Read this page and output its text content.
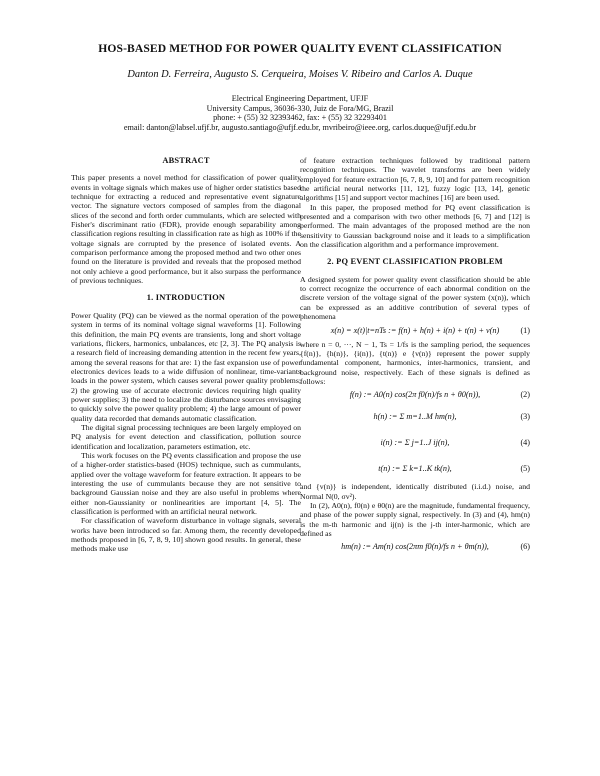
HOS-BASED METHOD FOR POWER QUALITY EVENT CLASSIFICATION
Danton D. Ferreira, Augusto S. Cerqueira, Moises V. Ribeiro and Carlos A. Duque
Electrical Engineering Department, UFJF
University Campus, 36036-330, Juiz de Fora/MG, Brazil
phone: + (55) 32 32393462, fax: + (55) 32 32293401
email: danton@labsel.ufjf.br, augusto.santiago@ufjf.edu.br, mvribeiro@ieee.org, carlos.duque@ufjf.edu.br
ABSTRACT

This paper presents a novel method for classification of power quality events in voltage signals which makes use of higher order statistics based technique for extracting a reduced and representative event signature vector. The signature vectors composed of samples from the diagonal slices of the second and forth order cummulants, which are selected with Fisher's discriminant ratio (FDR), provide enough separability among classification regions resulting in classification rate as high as 100% if the voltage signals are corrupted by the presence of isolated events. A comparison performance among the proposed method and two other ones found on the literature is provided and reveals that the proposed method not only achieve a good performance, but it also surpass the performance of previous techniques.

1. INTRODUCTION

Power Quality (PQ) can be viewed as the normal operation of the power system in terms of its nominal voltage signal waveforms [1]. Following this definition, the main PQ events are transients, long and short voltage variations, flickers, harmonics, unbalances, etc [2, 3]. The PQ analysis is a research field of increasing demanding attention in the recent few years, among the several reasons for that are: 1) the fast expansion use of power electronics devices leads to a wide diffusion of nonlinear, time-variants loads in the power system, which causes several power quality problems; 2) the growing use of accurate electronic devices requiring high quality power supplies; 3) the need to localize the disturbance sources envisaging to quickly solve the power quality problem; 4) the large amount of power quality data recorded that demands automatic classification.

The digital signal processing techniques are been largely employed on PQ analysis for event detection and classification, pollution source identification and localization, parameters estimation, etc.

This work focuses on the PQ events classification and propose the use of a higher-order statistics-based (HOS) technique, such as cummulants, applied over the voltage waveform for feature extraction. It appears to be interesting the use of cummulants because they are not sensitive to background Gaussian noise and they are also useful in problems where either non-Gaussianity or nonlinearities are important [4, 5]. The classification is performed with an artificial neural network.

For classification of waveform disturbance in voltage signals, several works have been introduced so far. Among them, the recently developed methods proposed in [6, 7, 8, 9, 10] shown good results. In general, these methods make use

of feature extraction techniques followed by traditional pattern recognition techniques. The wavelet transforms are been widely employed for feature extraction [6, 7, 8, 9, 10] and for pattern recognition the artificial neural networks [11, 12], fuzzy logic [13, 14], genetic algorithms [15] and support vector machines [16] are been used.

In this paper, the proposed method for PQ event classification is presented and a comparison with two other methods [6, 7] and [12] is performed. The main advantages of the proposed method are the non sensitivity to Gaussian background noise and it leads to a simplification on the classification algorithm and a performance improvement.

2. PQ EVENT CLASSIFICATION PROBLEM

A designed system for power quality event classification should be able to correct recognize the occurrence of each abnormal condition on the discrete version of the voltage signal of the power system (x(n)), which can be expressed as an additive contribution of several types of phenomena

x(n) = x(t)|t=nTs := f(n) + h(n) + i(n) + t(n) + v(n)	(1)

where n = 0, ···, N − 1, Ts = 1/fs is the sampling period, the sequences {f(n)}, {h(n)}, {i(n)}, {t(n)} e {v(n)} represent the power supply fundamental component, harmonics, inter-harmonics, transient, and background noise, respectively. Each of these signals is defined as follows:

f(n) := A0(n) cos(2π f0(n)/fs n + θ0(n)),	(2)
h(n) := Σ m=1..M hm(n),	(3)
i(n) := Σ j=1..J ij(n),	(4)
t(n) := Σ k=1..K tk(n),	(5)

and {v(n)} is independent, identically distributed (i.i.d.) noise, and Normal N(0, σv²).

In (2), A0(n), f0(n) e θ0(n) are the magnitude, fundamental frequency, and phase of the power supply signal, respectively. In (3) and (4), hm(n) is the m-th harmonic and ij(n) is the j-th inter-harmonic, which are defined as

hm(n) := Am(n) cos(2πm f0(n)/fs n + θm(n)),	(6)
